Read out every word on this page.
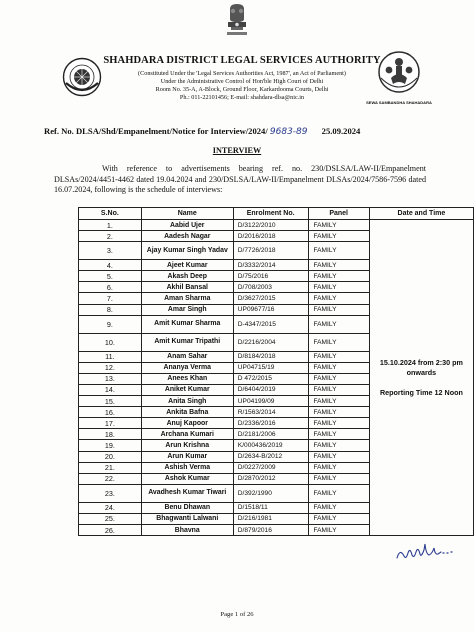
SHAHDARA DISTRICT LEGAL SERVICES AUTHORITY
(Constituted Under the 'Legal Services Authorities Act, 1987', an Act of Parliament)
Under the Administrative Control of Hon'ble High Court of Delhi
Room No. 35-A, A-Block, Ground Floor, Karkardooma Courts, Delhi
Ph.: 011-22101456; E-mail: shahdara-dlsa@nic.in
SEWA SAMBANDHA SHAHADARA
Ref. No. DLSA/Shd/Empanelment/Notice for Interview/2024/ 9683-89 25.09.2024
INTERVIEW
With reference to advertisements bearing ref. no. 230/DSLSA/LAW-II/Empanelment DLSAs/2024/4451-4462 dated 19.04.2024 and 230/DSLSA/LAW-II/Empanelment DLSAs/2024/7586-7596 dated 16.07.2024, following is the schedule of interviews:
S.No.	Name	Enrolment No.	Panel	Date and Time
1.	Aabid Ujer	D/3122/2010	FAMILY	15.10.2024 from 2:30 pm onwards
Reporting Time 12 Noon

2.	Aadesh Nagar	D/2016/2018	FAMILY	
3.	Ajay Kumar Singh Yadav	D/7726/2018	FAMILY	
4.	Ajeet Kumar	D/3332/2014	FAMILY	
5.	Akash Deep	D/75/2016	FAMILY	
6.	Akhil Bansal	D/708/2003	FAMILY	
7.	Aman Sharma	D/3627/2015	FAMILY	
8.	Amar Singh	UP09677/16	FAMILY	
9.	Amit Kumar Sharma	D-4347/2015	FAMILY	
10.	Amit Kumar Tripathi	D/2216/2004	FAMILY	
11.	Anam Sahar	D/8184/2018	FAMILY	
12.	Ananya Verma	UP04715/19	FAMILY	
13.	Anees Khan	D 472/2015	FAMILY	
14.	Aniket Kumar	D/6404/2019	FAMILY	
15.	Anita Singh	UP04199/09	FAMILY	
16.	Ankita Bafna	R/1563/2014	FAMILY	
17.	Anuj Kapoor	D/2336/2016	FAMILY	
18.	Archana Kumari	D/2181/2006	FAMILY	
19.	Arun Krishna	K/000436/2019	FAMILY	
20.	Arun Kumar	D/2634-B/2012	FAMILY	
21.	Ashish Verma	D/0227/2009	FAMILY	
22.	Ashok Kumar	D/2870/2012	FAMILY	
23.	Avadhesh Kumar Tiwari	D/392/1990	FAMILY	
24.	Benu Dhawan	D/1518/11	FAMILY	
25.	Bhagwanti Lalwani	D/216/1981	FAMILY	
26.	Bhavna	D/879/2016	FAMILY	
Page 1 of 26
